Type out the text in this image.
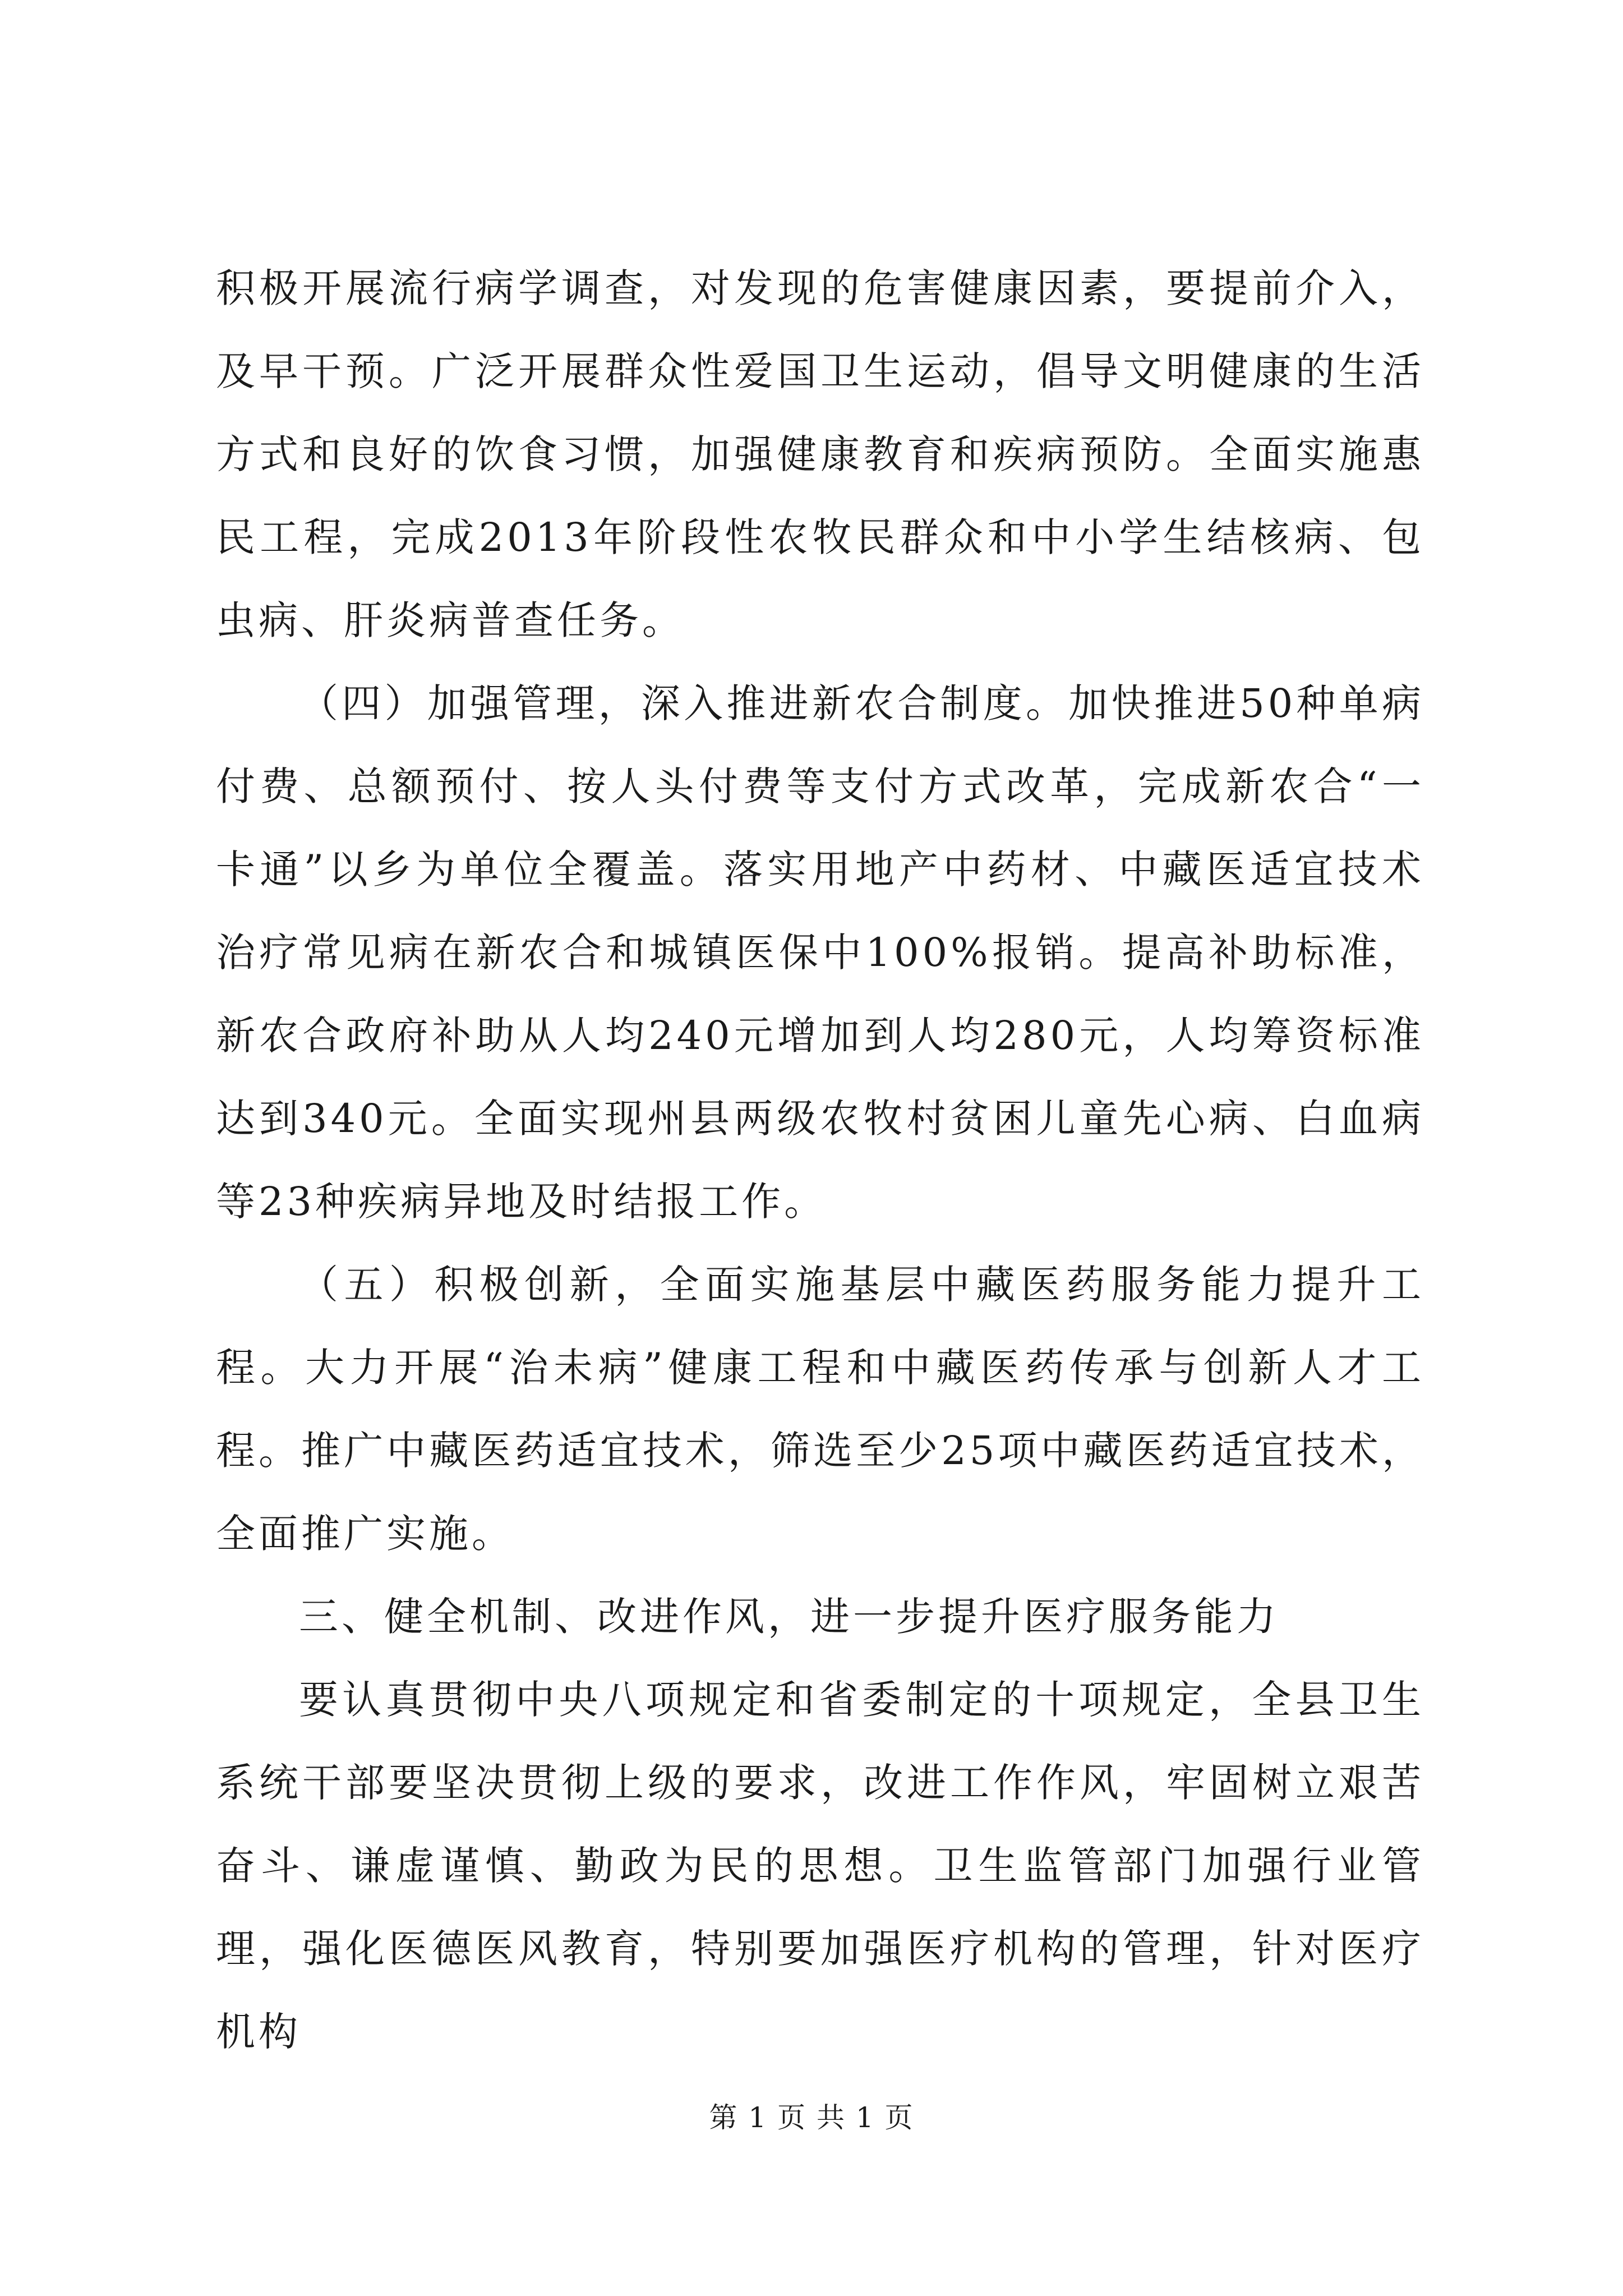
积极开展流行病学调查，对发现的危害健康因素，要提前介入，及早干预。广泛开展群众性爱国卫生运动，倡导文明健康的生活方式和良好的饮食习惯，加强健康教育和疾病预防。全面实施惠民工程，完成2013年阶段性农牧民群众和中小学生结核病、包虫病、肝炎病普查任务。

（四）加强管理，深入推进新农合制度。加快推进50种单病付费、总额预付、按人头付费等支付方式改革，完成新农合“一卡通”以乡为单位全覆盖。落实用地产中药材、中藏医适宜技术治疗常见病在新农合和城镇医保中100%报销。提高补助标准，新农合政府补助从人均240元增加到人均280元，人均筹资标准达到340元。全面实现州县两级农牧村贫困儿童先心病、白血病等23种疾病异地及时结报工作。

（五）积极创新，全面实施基层中藏医药服务能力提升工程。大力开展“治未病”健康工程和中藏医药传承与创新人才工程。推广中藏医药适宜技术，筛选至少25项中藏医药适宜技术，全面推广实施。

三、健全机制、改进作风，进一步提升医疗服务能力

要认真贯彻中央八项规定和省委制定的十项规定，全县卫生系统干部要坚决贯彻上级的要求，改进工作作风，牢固树立艰苦奋斗、谦虚谨慎、勤政为民的思想。卫生监管部门加强行业管理，强化医德医风教育，特别要加强医疗机构的管理，针对医疗机构

第 1 页 共 1 页
